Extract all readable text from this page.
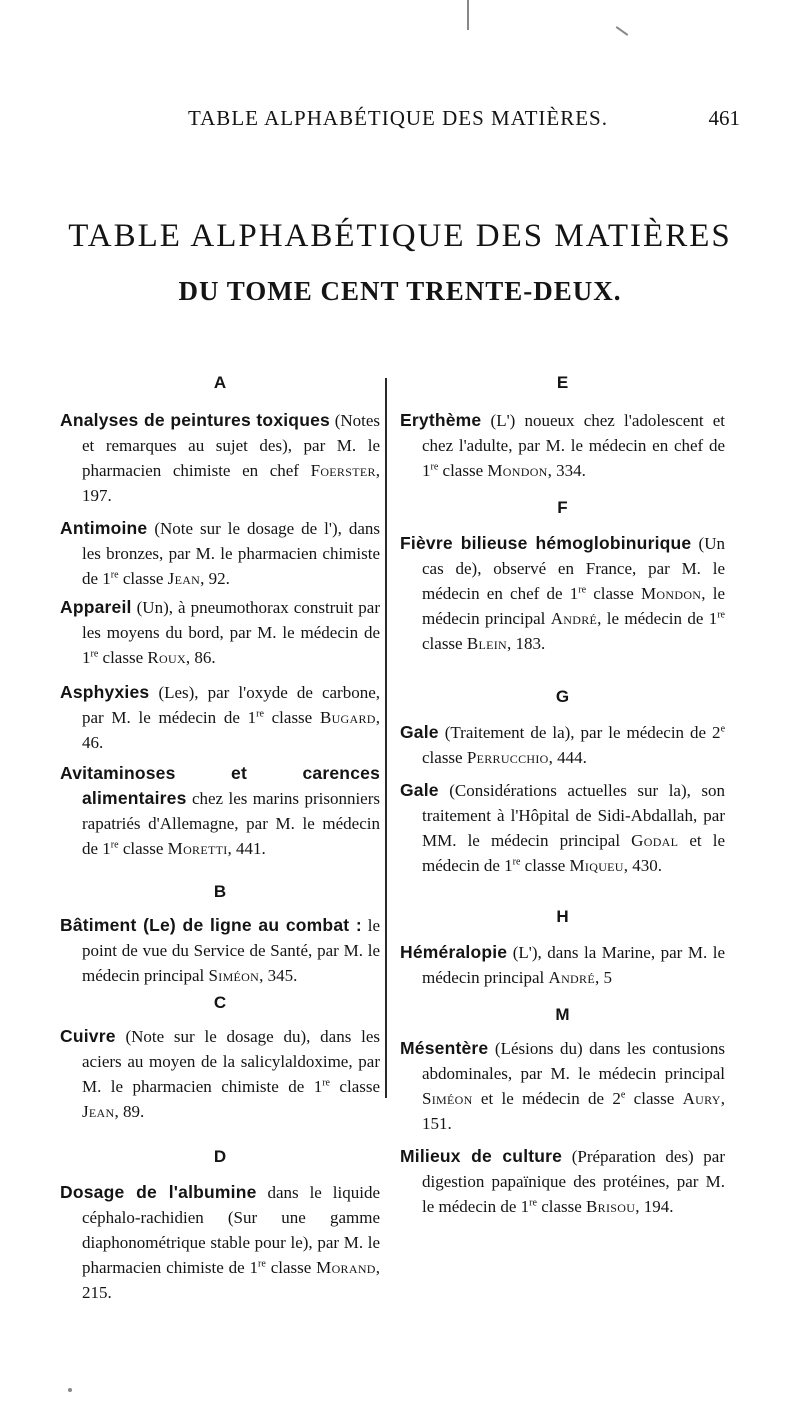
TABLE ALPHABÉTIQUE DES MATIÈRES.	461
TABLE ALPHABÉTIQUE DES MATIÈRES
DU TOME CENT TRENTE-DEUX.
A
Analyses de peintures toxiques (Notes et remarques au sujet des), par M. le pharmacien chimiste en chef Foerster, 197.
Antimoine (Note sur le dosage de l'), dans les bronzes, par M. le pharmacien chimiste de 1re classe Jean, 92.
Appareil (Un), à pneumothorax construit par les moyens du bord, par M. le médecin de 1re classe Roux, 86.
Asphyxies (Les), par l'oxyde de carbone, par M. le médecin de 1re classe Bugard, 46.
Avitaminoses et carences alimentaires chez les marins prisonniers rapatriés d'Allemagne, par M. le médecin de 1re classe Moretti, 441.
B
Bâtiment (Le) de ligne au combat : le point de vue du Service de Santé, par M. le médecin principal Siméon, 345.
C
Cuivre (Note sur le dosage du), dans les aciers au moyen de la salicylaldoxime, par M. le pharmacien chimiste de 1re classe Jean, 89.
D
Dosage de l'albumine dans le liquide céphalo-rachidien (Sur une gamme diaphonométrique stable pour le), par M. le pharmacien chimiste de 1re classe Morand, 215.
E
Erythème (L') noueux chez l'adolescent et chez l'adulte, par M. le médecin en chef de 1re classe Mondon, 334.
F
Fièvre bilieuse hémoglobinurique (Un cas de), observé en France, par M. le médecin en chef de 1re classe Mondon, le médecin principal André, le médecin de 1re classe Blein, 183.
G
Gale (Traitement de la), par le médecin de 2e classe Perrucchio, 444.
Gale (Considérations actuelles sur la), son traitement à l'Hôpital de Sidi-Abdallah, par MM. le médecin principal Godal et le médecin de 1re classe Miqueu, 430.
H
Héméralopie (L'), dans la Marine, par M. le médecin principal André, 5
M
Mésentère (Lésions du) dans les contusions abdominales, par M. le médecin principal Siméon et le médecin de 2e classe Aury, 151.
Milieux de culture (Préparation des) par digestion papaïnique des protéines, par M. le médecin de 1re classe Brisou, 194.
